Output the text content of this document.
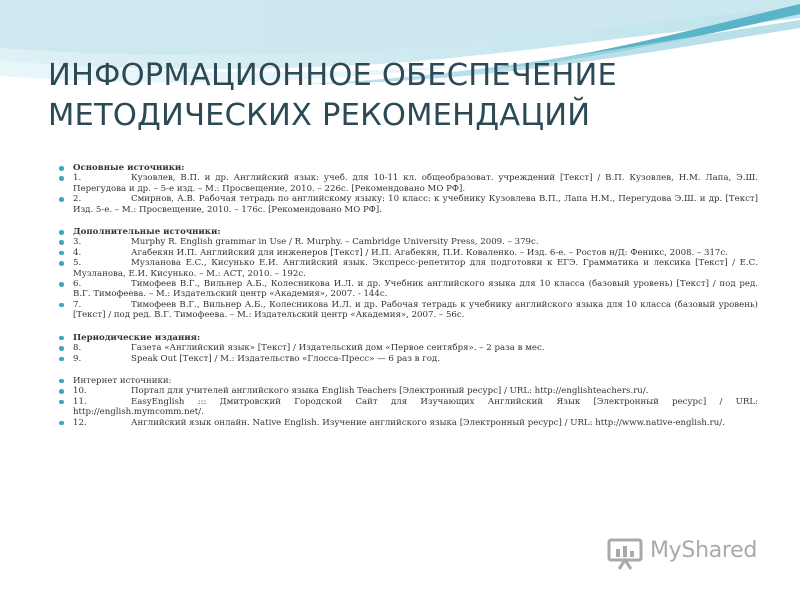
ИНФОРМАЦИОННОЕ ОБЕСПЕЧЕНИЕ
МЕТОДИЧЕСКИХ РЕКОМЕНДАЦИЙ
Основные источники:
1.	Кузовлев, В.П. и др. Английский язык: учеб. для 10-11 кл. общеобразоват. учреждений [Текст] / В.П. Кузовлев, Н.М. Лапа, Э.Ш. Перегудова и др. – 5-е изд. – М.: Просвещение, 2010. – 226с. [Рекомендовано МО РФ].
2.	Смирнов, А.В. Рабочая тетрадь по английскому языку: 10 класс: к учебнику Кузовлева В.П., Лапа Н.М., Перегудова Э.Ш. и др. [Текст] Изд. 5-е. – М.: Просвещение, 2010. – 176с. [Рекомендовано МО РФ].
Дополнительные источники:
3.	Murphy R. English grammar in Use / R. Murphy. – Cambridge University Press, 2009. – 379с.
4.	Агабекян И.П. Английский для инженеров [Текст] / И.П. Агабекян, П.И. Коваленко. – Изд. 6-е. – Ростов н/Д: Феникс, 2008. – 317с.
5.	Музланова Е.С., Кисунько Е.И. Английский язык. Экспресс-репетитор для подготовки к ЕГЭ. Грамматика и лексика [Текст] / Е.С. Музланова, Е.И. Кисунько. – М.: АСТ, 2010. – 192с.
6.	Тимофеев В.Г., Вильнер А.Б., Колесникова И.Л. и др. Учебник английского языка для 10 класса (базовый уровень) [Текст] / под ред. В.Г. Тимофеева. – М.: Издательский центр «Академия», 2007. - 144с.
7.	Тимофеев В.Г., Вильнер А.Б., Колесникова И.Л. и др. Рабочая тетрадь к учебнику английского языка для 10 класса (базовый уровень) [Текст] / под ред. В.Г. Тимофеева. – М.: Издательский центр «Академия», 2007. – 56с.
Периодические издания:
8.	Газета «Английский язык» [Текст] / Издательский дом «Первое сентября». – 2 раза в мес.
9.	Speak Out [Текст] / М.: Издательство «Глосса-Пресс» — 6 раз в год.
Интернет источники:
10.	Портал для учителей английского языка English Teachers [Электронный ресурс] / URL: http://englishteachers.ru/.
11.	EasyEnglish ::: Дмитровский Городской Сайт для Изучающих Английский Язык [Электронный ресурс] / URL: http://english.mymcomm.net/.
12.	Английский язык онлайн. Native English. Изучение английского языка [Электронный ресурс] / URL: http://www.native-english.ru/.
MyShared
